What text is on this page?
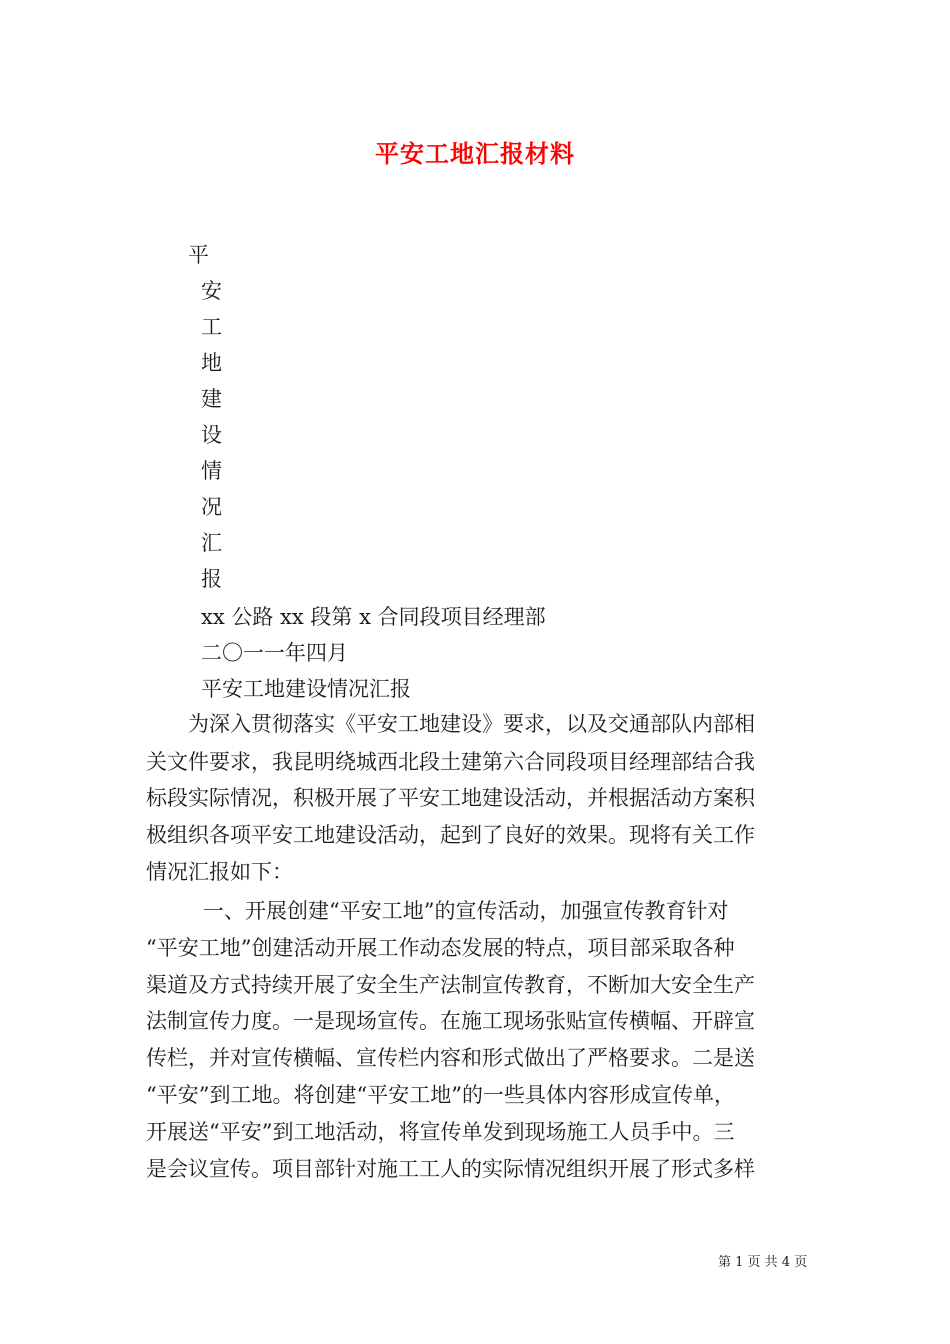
平安工地汇报材料
平
安
工
地
建
设
情
况
汇
报
xx 公路 xx 段第 x 合同段项目经理部
二〇一一年四月
平安工地建设情况汇报
为深入贯彻落实《平安工地建设》要求，以及交通部队内部相
关文件要求，我昆明绕城西北段土建第六合同段项目经理部结合我
标段实际情况，积极开展了平安工地建设活动，并根据活动方案积
极组织各项平安工地建设活动，起到了良好的效果。现将有关工作
情况汇报如下：
一、开展创建“平安工地”的宣传活动，加强宣传教育针对
“平安工地”创建活动开展工作动态发展的特点，项目部采取各种
渠道及方式持续开展了安全生产法制宣传教育，不断加大安全生产
法制宣传力度。一是现场宣传。在施工现场张贴宣传横幅、开辟宣
传栏，并对宣传横幅、宣传栏内容和形式做出了严格要求。二是送
“平安”到工地。将创建“平安工地”的一些具体内容形成宣传单，
开展送“平安”到工地活动，将宣传单发到现场施工人员手中。三
是会议宣传。项目部针对施工工人的实际情况组织开展了形式多样
第 1 页 共 4 页
